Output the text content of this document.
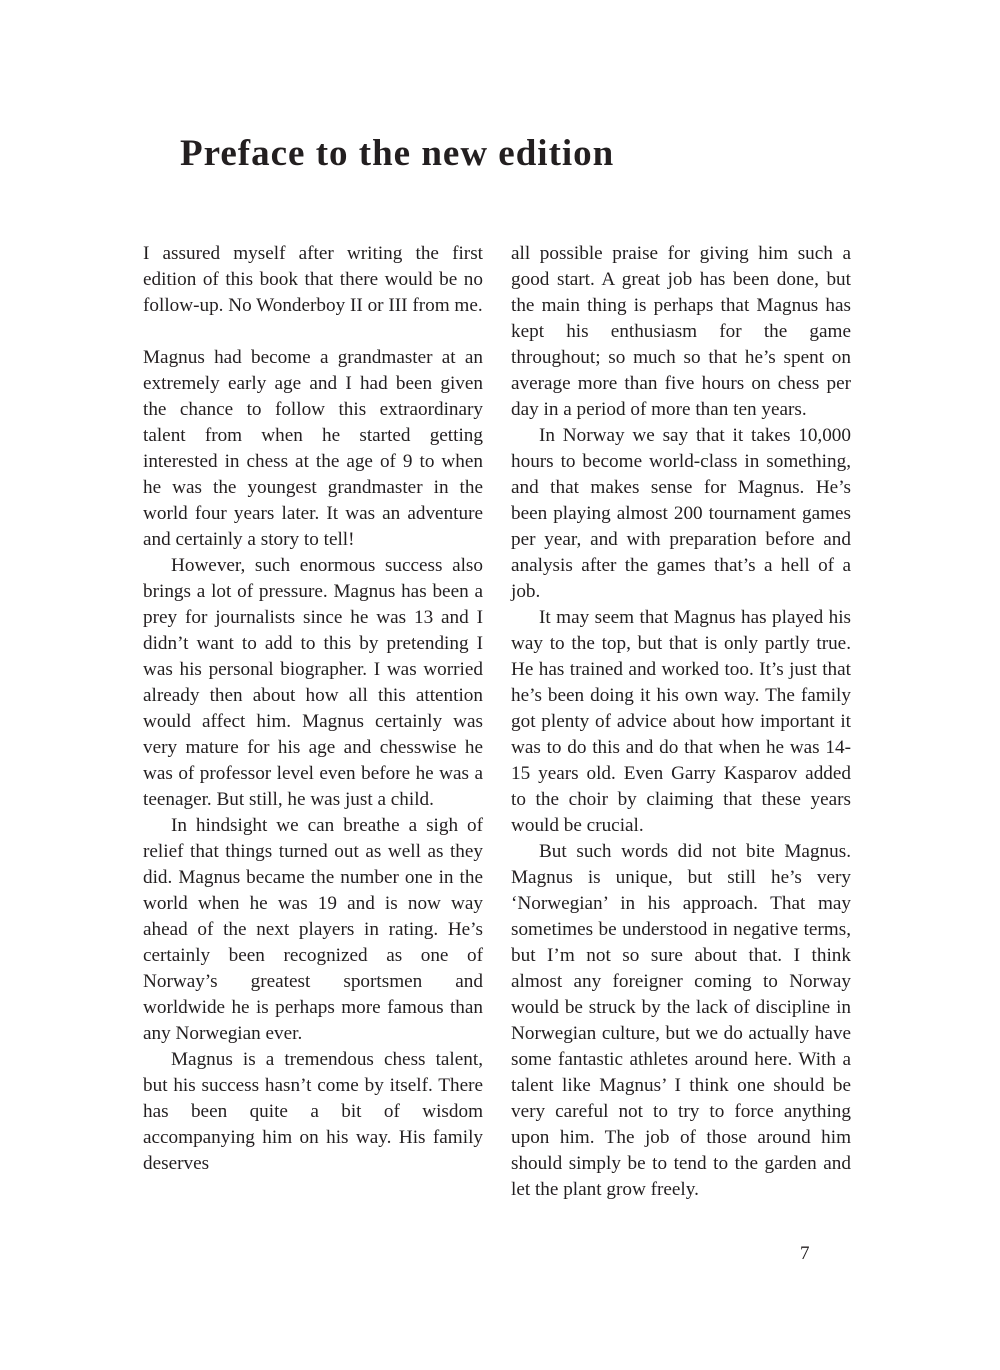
Preface to the new edition

I assured myself after writing the first edition of this book that there would be no follow-up. No Wonderboy II or III from me.

Magnus had become a grandmaster at an extremely early age and I had been given the chance to follow this extraordinary talent from when he started getting interested in chess at the age of 9 to when he was the youngest grandmaster in the world four years later. It was an adventure and certainly a story to tell!

However, such enormous success also brings a lot of pressure. Magnus has been a prey for journalists since he was 13 and I didn’t want to add to this by pretending I was his personal biographer. I was worried already then about how all this attention would affect him. Magnus certainly was very mature for his age and chesswise he was of professor level even before he was a teenager. But still, he was just a child.

In hindsight we can breathe a sigh of relief that things turned out as well as they did. Magnus became the number one in the world when he was 19 and is now way ahead of the next players in rating. He’s certainly been recognized as one of Norway’s greatest sportsmen and worldwide he is perhaps more famous than any Norwegian ever.

Magnus is a tremendous chess talent, but his success hasn’t come by itself. There has been quite a bit of wisdom accompanying him on his way. His family deserves

all possible praise for giving him such a good start. A great job has been done, but the main thing is perhaps that Magnus has kept his enthusiasm for the game throughout; so much so that he’s spent on average more than five hours on chess per day in a period of more than ten years.

In Norway we say that it takes 10,000 hours to become world-class in something, and that makes sense for Magnus. He’s been playing almost 200 tournament games per year, and with preparation before and analysis after the games that’s a hell of a job.

It may seem that Magnus has played his way to the top, but that is only partly true. He has trained and worked too. It’s just that he’s been doing it his own way. The family got plenty of advice about how important it was to do this and do that when he was 14-15 years old. Even Garry Kasparov added to the choir by claiming that these years would be crucial.

But such words did not bite Magnus. Magnus is unique, but still he’s very ‘Norwegian’ in his approach. That may sometimes be understood in negative terms, but I’m not so sure about that. I think almost any foreigner coming to Norway would be struck by the lack of discipline in Norwegian culture, but we do actually have some fantastic athletes around here. With a talent like Magnus’ I think one should be very careful not to try to force anything upon him. The job of those around him should simply be to tend to the garden and let the plant grow freely.

7
